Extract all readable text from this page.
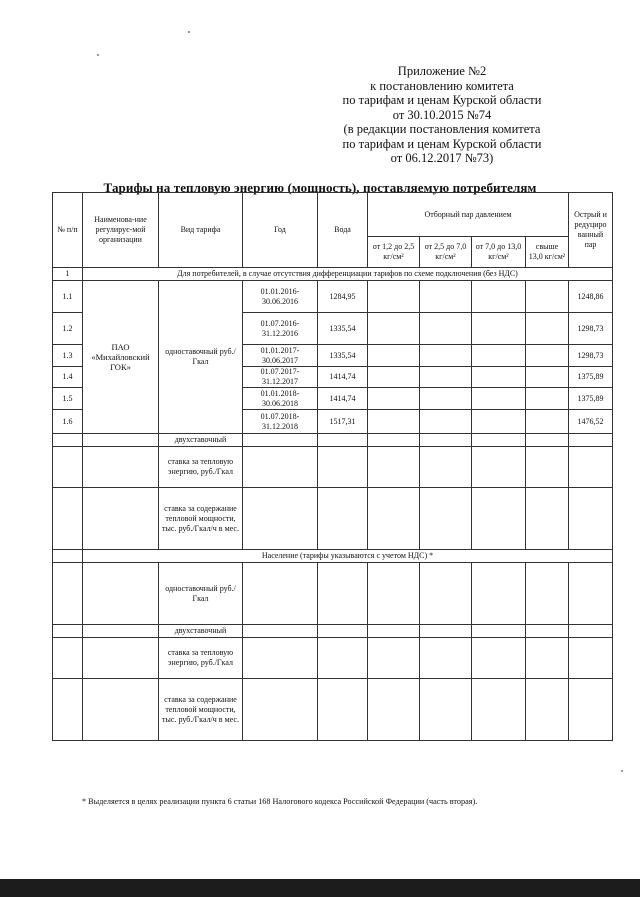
Приложение №2
к постановлению комитета
по тарифам и ценам Курской области
от 30.10.2015 №74
(в редакции постановления комитета
по тарифам и ценам Курской области
от 06.12.2017 №73)
Тарифы на тепловую энергию (мощность), поставляемую потребителям
№ п/п	Наименова-ние регулирує-мой организации	Вид тарифа	Год	Вода	Отборный пар давлением				Острый и редуциро ванный пар
					от 1,2 до 2,5 кг/см²	от 2,5 до 7,0 кг/см²	от 7,0 до 13,0 кг/см²	свыше 13,0 кг/см²	
1	Для потребителей, в случае отсутствия дифференциации тарифов по схеме подключения (без НДС)								
1.1	ПАО «Михайловский ГОК»	одноставочный руб./Гкал	01.01.2016-30.06.2016	1284,95					1248,86
1.2			01.07.2016-31.12.2016	1335,54					1298,73
1.3			01.01.2017-30.06.2017	1335,54					1298,73
1.4			01.07.2017-31.12.2017	1414,74					1375,89
1.5			01.01.2018-30.06.2018	1414,74					1375,89
1.6			01.07.2018-31.12.2018	1517,31					1476,52
		двухставочный							
		ставка за тепловую энергию, руб./Гкал							
		ставка за содержание тепловой мощности, тыс. руб./Гкал/ч в мес.							
	Население (тарифы указываются с учетом НДС) *								
		одноставочный руб./Гкал							
		двухставочный							
		ставка за тепловую энергию, руб./Гкал							
		ставка за содержание тепловой мощности, тыс. руб./Гкал/ч в мес.							
* Выделяется в целях реализации пункта 6 статьи 168 Налогового кодекса Российской Федерации (часть вторая).
